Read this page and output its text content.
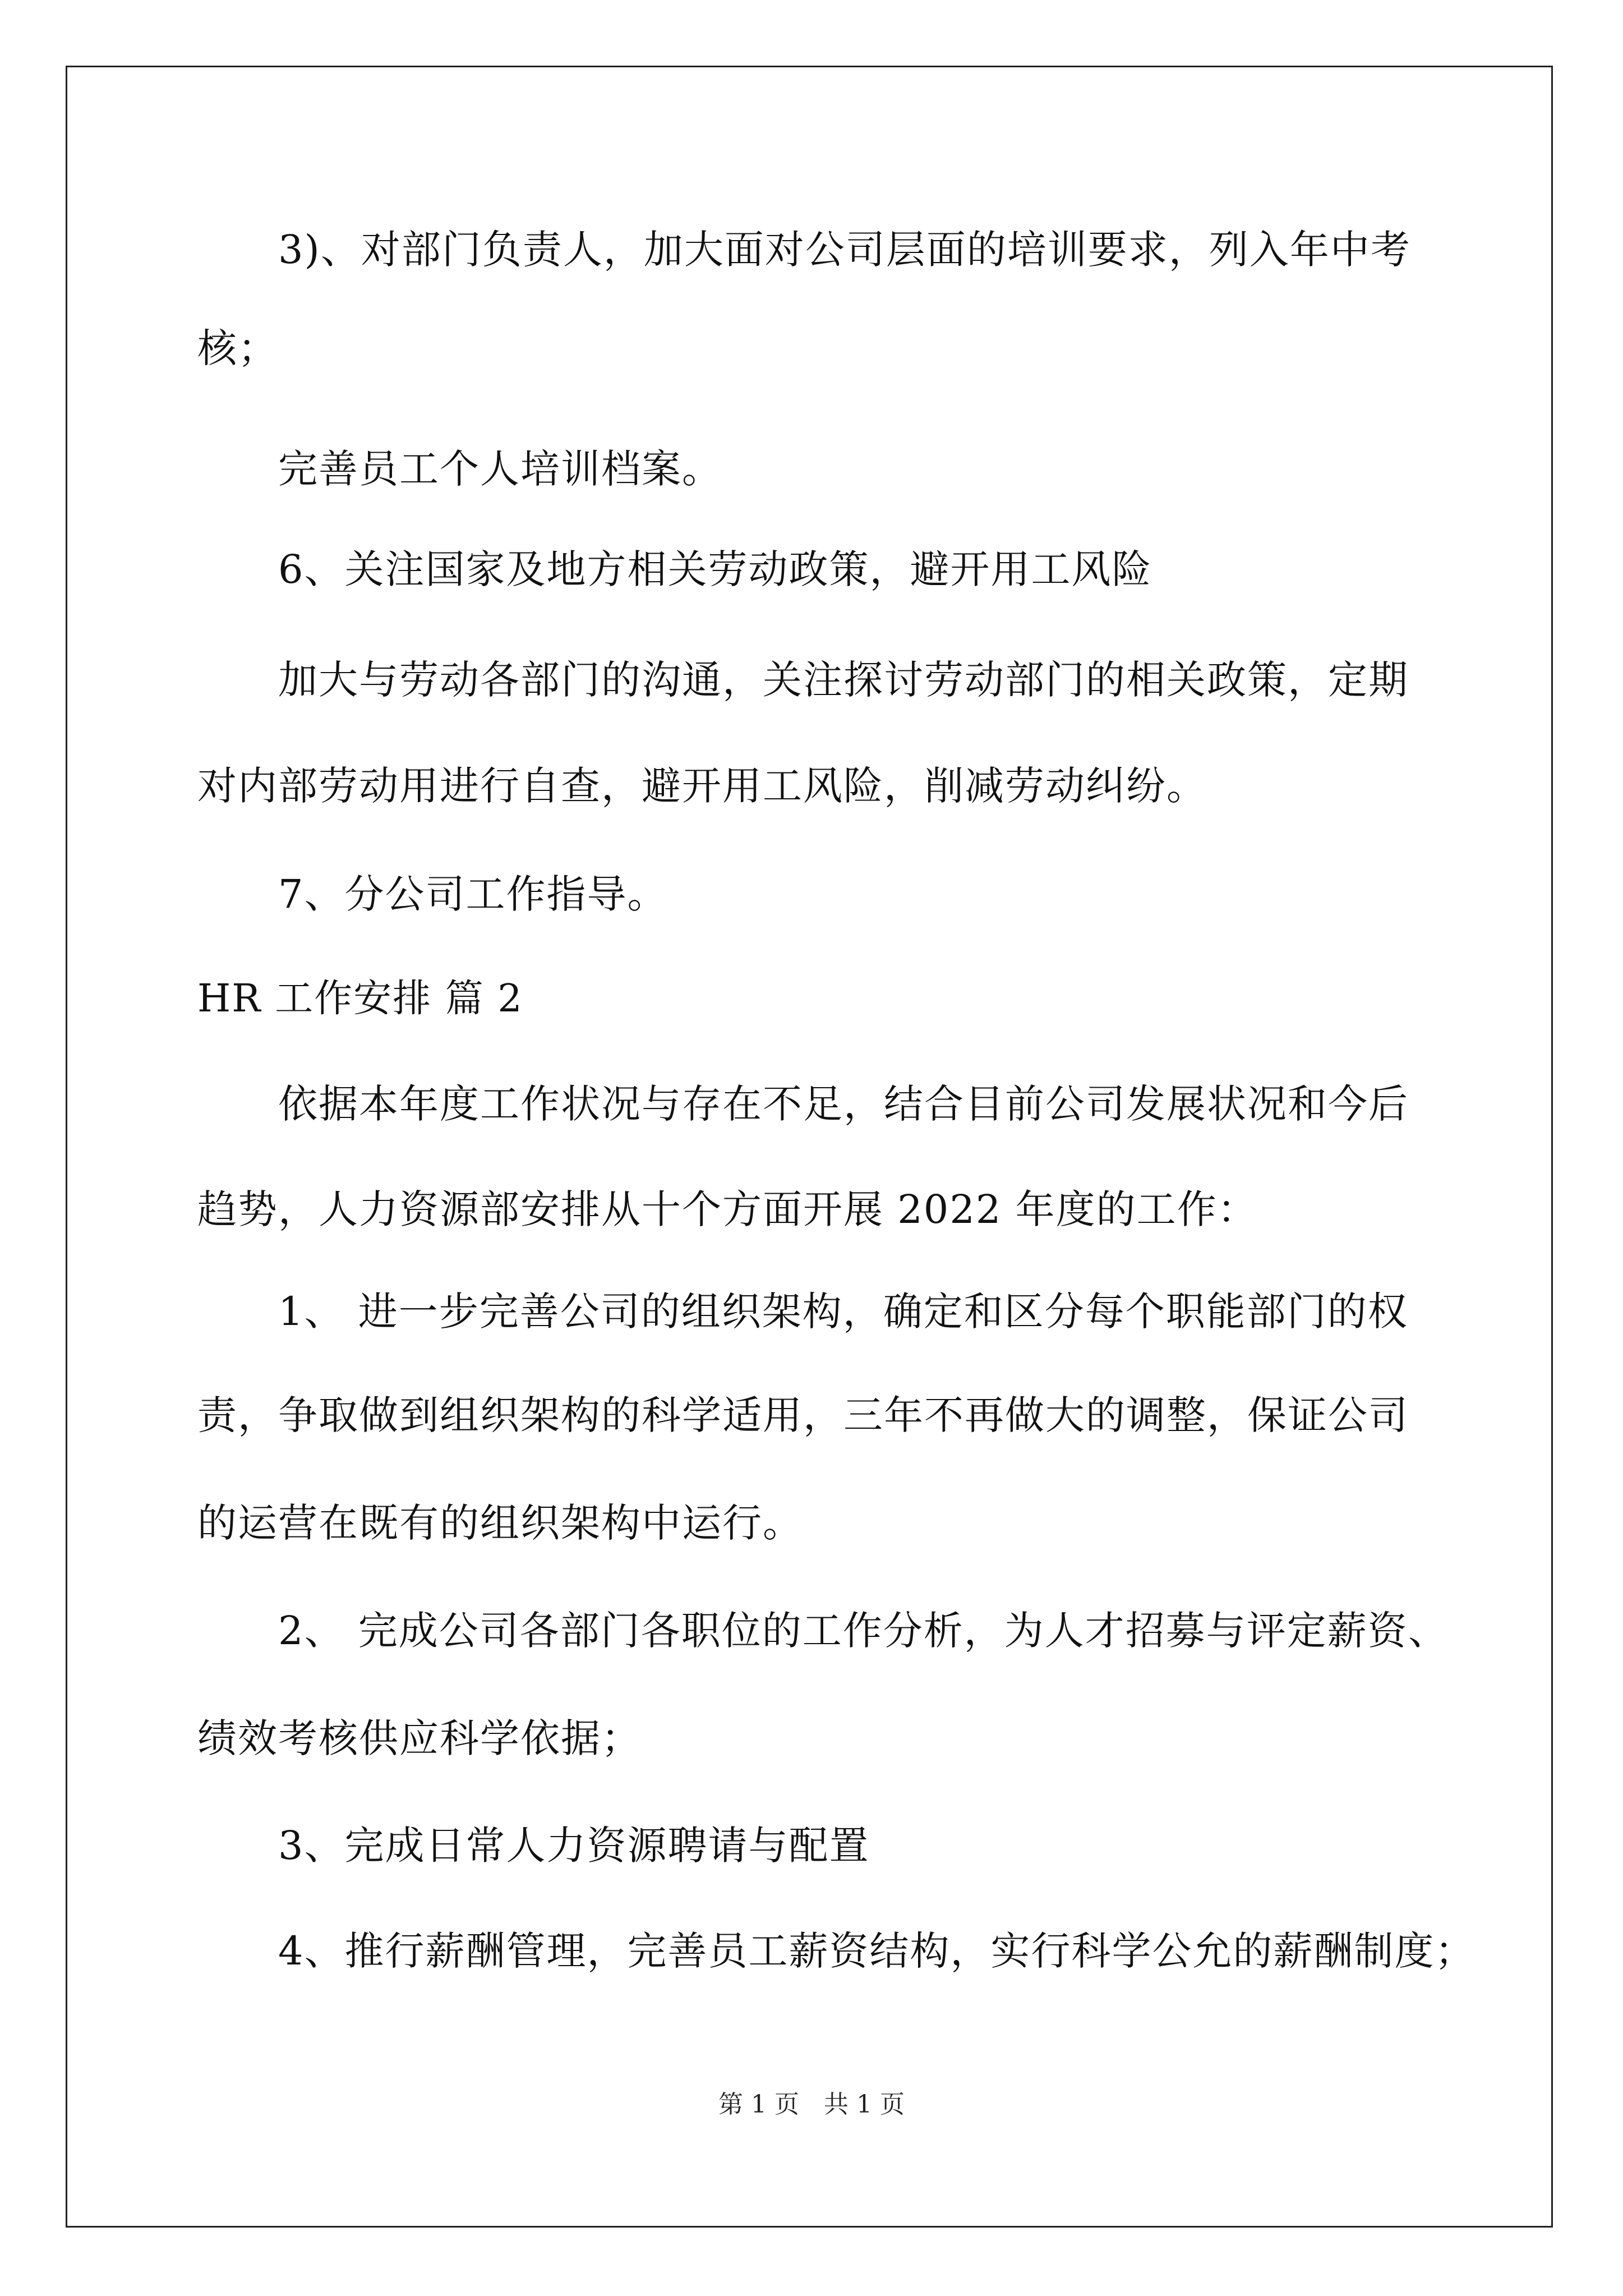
3)、对部门负责人，加大面对公司层面的培训要求，列入年中考
核；
完善员工个人培训档案。
6、关注国家及地方相关劳动政策，避开用工风险
加大与劳动各部门的沟通，关注探讨劳动部门的相关政策，定期
对内部劳动用进行自查，避开用工风险，削减劳动纠纷。
7、分公司工作指导。
HR 工作安排 篇 2
依据本年度工作状况与存在不足，结合目前公司发展状况和今后
趋势，人力资源部安排从十个方面开展 2022 年度的工作：
1、 进一步完善公司的组织架构，确定和区分每个职能部门的权
责，争取做到组织架构的科学适用，三年不再做大的调整，保证公司
的运营在既有的组织架构中运行。
2、 完成公司各部门各职位的工作分析，为人才招募与评定薪资、
绩效考核供应科学依据；
3、完成日常人力资源聘请与配置
4、推行薪酬管理，完善员工薪资结构，实行科学公允的薪酬制度；
第 1 页　共 1 页
